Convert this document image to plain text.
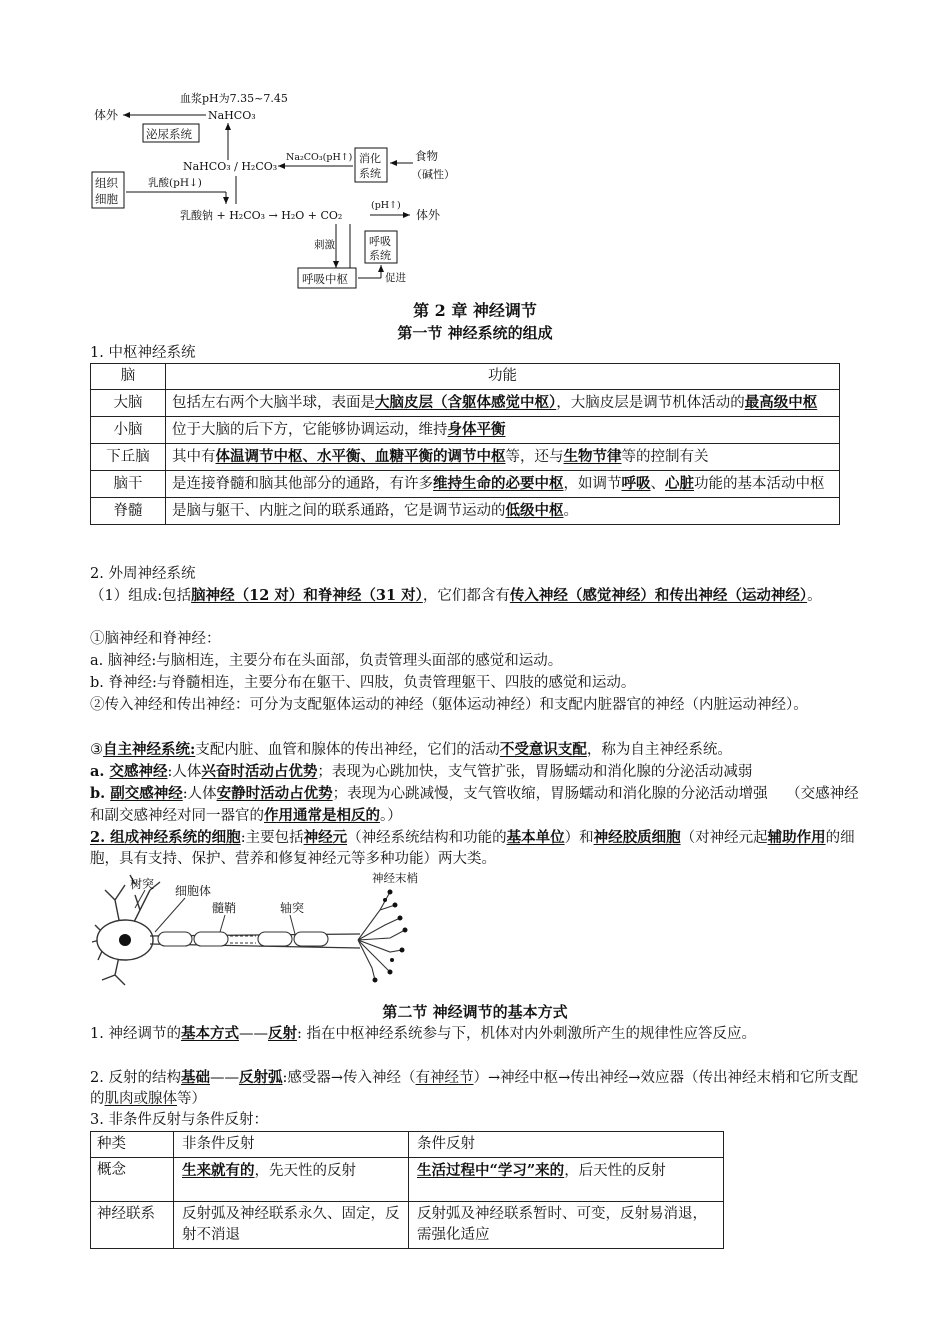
血浆pH为7.35~7.45
NaHCO₃
体外
泌尿系统
NaHCO₃ / H₂CO₃
Na₂CO₃(pH↑) 消化
系统
食物
（碱性）
组织
细胞
乳酸(pH↓)
乳酸钠 + H₂CO₃ → H₂O + CO₂
(pH↑)
体外
刺激	呼吸
系统
呼吸中枢	促进
第 2 章 神经调节
第一节 神经系统的组成
1. 中枢神经系统
脑	功能
大脑	包括左右两个大脑半球，表面是大脑皮层（含躯体感觉中枢），大脑皮层是调节机体活动的最高级中枢
小脑	位于大脑的后下方，它能够协调运动，维持身体平衡
下丘脑	其中有体温调节中枢、水平衡、血糖平衡的调节中枢等，还与生物节律等的控制有关
脑干	是连接脊髓和脑其他部分的通路，有许多维持生命的必要中枢，如调节呼吸、心脏功能的基本活动中枢
脊髓	是脑与躯干、内脏之间的联系通路，它是调节运动的低级中枢。
2. 外周神经系统
（1）组成:包括脑神经（12 对）和脊神经（31 对），它们都含有传入神经（感觉神经）和传出神经（运动神经）。
①脑神经和脊神经：
a. 脑神经:与脑相连，主要分布在头面部，负责管理头面部的感觉和运动。
b. 脊神经:与脊髓相连，主要分布在躯干、四肢，负责管理躯干、四肢的感觉和运动。
②传入神经和传出神经：可分为支配躯体运动的神经（躯体运动神经）和支配内脏器官的神经（内脏运动神经）。
③自主神经系统:支配内脏、血管和腺体的传出神经，它们的活动不受意识支配，称为自主神经系统。
a. 交感神经:人体兴奋时活动占优势；表现为心跳加快，支气管扩张，胃肠蠕动和消化腺的分泌活动减弱
b. 副交感神经:人体安静时活动占优势；表现为心跳减慢，支气管收缩，胃肠蠕动和消化腺的分泌活动增强 （交感神经和副交感神经对同一器官的作用通常是相反的。）
2. 组成神经系统的细胞:主要包括神经元（神经系统结构和功能的基本单位）和神经胶质细胞（对神经元起辅助作用的细胞，具有支持、保护、营养和修复神经元等多种功能）两大类。
树突 细胞体
髓鞘	轴突
神经末梢
第二节 神经调节的基本方式
1. 神经调节的基本方式——反射: 指在中枢神经系统参与下，机体对内外刺激所产生的规律性应答反应。
2. 反射的结构基础——反射弧:感受器→传入神经（有神经节）→神经中枢→传出神经→效应器（传出神经末梢和它所支配的肌肉或腺体等）
3. 非条件反射与条件反射：
种类	非条件反射	条件反射
概念	生来就有的，先天性的反射	生活过程中“学习”来的，后天性的反射
神经联系	反射弧及神经联系永久、固定，反射不消退	反射弧及神经联系暂时、可变，反射易消退，需强化适应
